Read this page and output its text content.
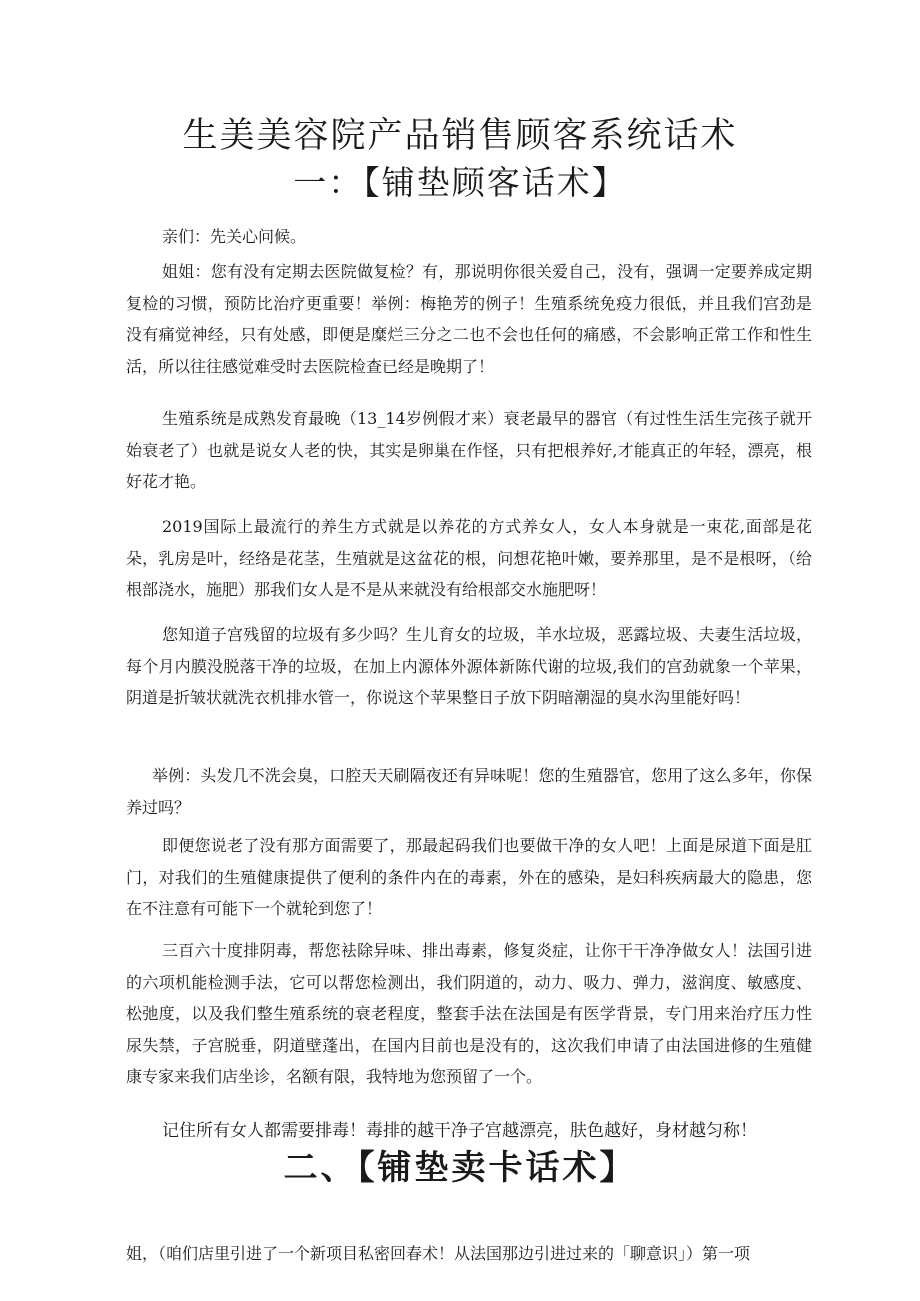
生美美容院产品销售顾客系统话术
一：【铺垫顾客话术】

亲们：先关心问候。

姐姐：您有没有定期去医院做复检？有，那说明你很关爱自己，没有，强调一定要养成定期复检的习惯，预防比治疗更重要！举例：梅艳芳的例子！生殖系统免疫力很低，并且我们宫劲是没有痛觉神经，只有处感，即便是糜烂三分之二也不会也任何的痛感，不会影响正常工作和性生活，所以往往感觉难受时去医院检查已经是晚期了！

生殖系统是成熟发育最晚（13_14岁例假才来）衰老最早的器官（有过性生活生完孩子就开始衰老了）也就是说女人老的快，其实是卵巢在作怪，只有把根养好,才能真正的年轻，漂亮，根好花才艳。

2019国际上最流行的养生方式就是以养花的方式养女人，女人本身就是一束花,面部是花朵，乳房是叶，经络是花茎，生殖就是这盆花的根，问想花艳叶嫩，要养那里，是不是根呀，（给根部浇水，施肥）那我们女人是不是从来就没有给根部交水施肥呀！

您知道子宫残留的垃圾有多少吗？生儿育女的垃圾，羊水垃圾，恶露垃圾、夫妻生活垃圾，每个月内膜没脱落干净的垃圾，在加上内源体外源体新陈代谢的垃圾,我们的宫劲就象一个苹果，阴道是折皱状就洗衣机排水管一，你说这个苹果整日子放下阴暗潮湿的臭水沟里能好吗！

举例：头发几不洗会臭，口腔天天刷隔夜还有异味呢！您的生殖器官，您用了这么多年，你保养过吗？

即便您说老了没有那方面需要了，那最起码我们也要做干净的女人吧！上面是尿道下面是肛门，对我们的生殖健康提供了便利的条件内在的毒素，外在的感染，是妇科疾病最大的隐患，您在不注意有可能下一个就轮到您了！

三百六十度排阴毒，帮您袪除异味、排出毒素，修复炎症，让你干干净净做女人！法国引进的六项机能检测手法，它可以帮您检测出，我们阴道的，动力、吸力、弹力，滋润度、敏感度、松弛度，以及我们整生殖系统的衰老程度，整套手法在法国是有医学背景，专门用来治疗压力性尿失禁，子宫脱垂，阴道壁蓬出，在国内目前也是没有的，这次我们申请了由法国进修的生殖健康专家来我们店坐诊，名额有限，我特地为您预留了一个。

记住所有女人都需要排毒！毒排的越干净子宫越漂亮，肤色越好，身材越匀称！

二、【铺垫卖卡话术】

姐，（咱们店里引进了一个新项目私密回春术！从法国那边引进过来的「聊意识」）第一项
